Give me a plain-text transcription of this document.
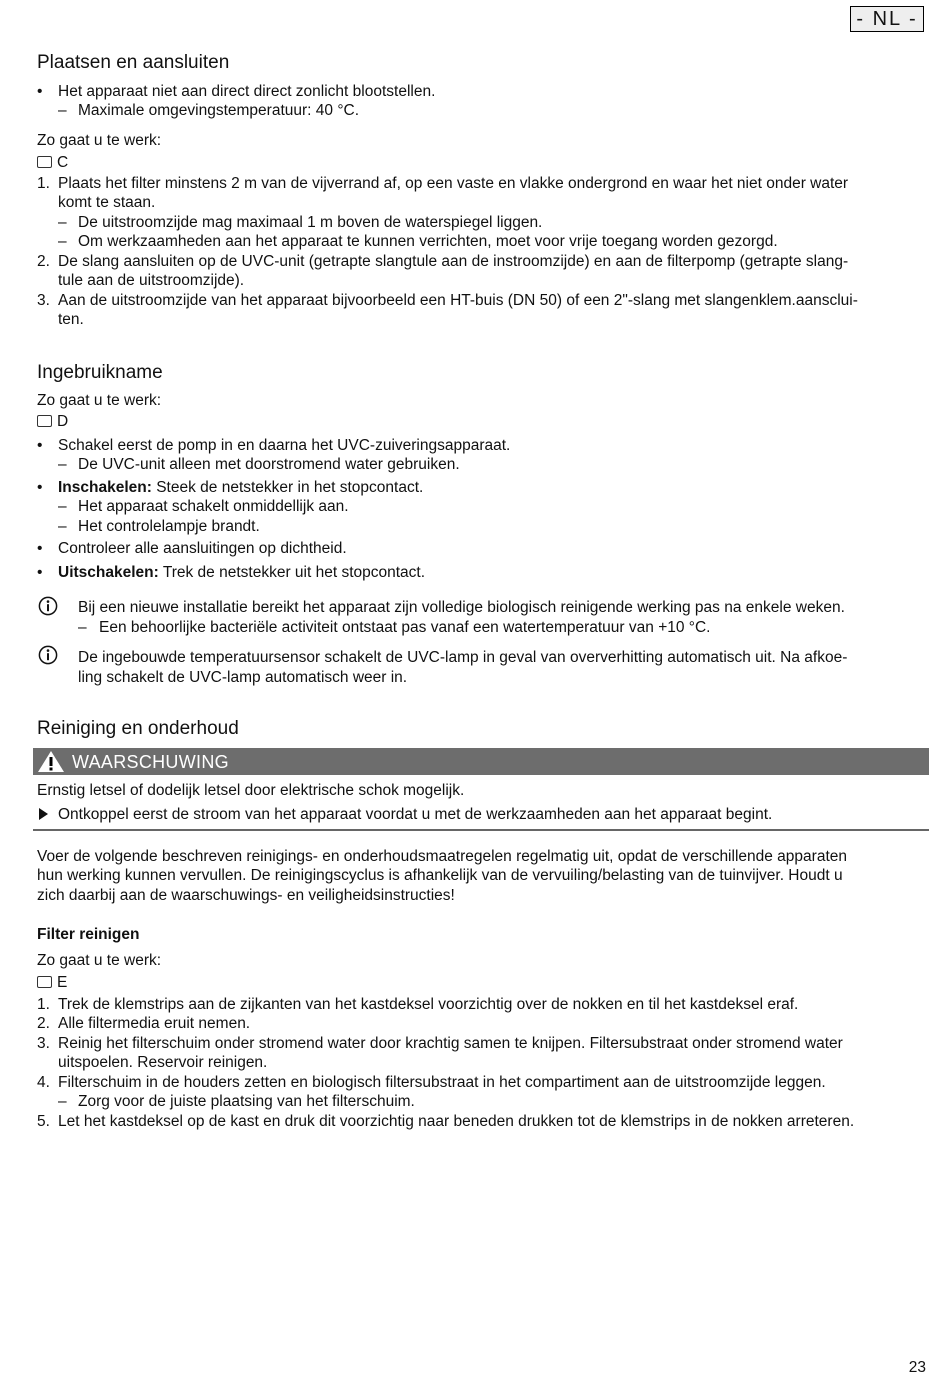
- NL -
Plaatsen en aansluiten
•	Het apparaat niet aan direct direct zonlicht blootstellen.
– Maximale omgevingstemperatuur: 40 °C.
Zo gaat u te werk:
C
1. Plaats het filter minstens 2 m van de vijverrand af, op een vaste en vlakke ondergrond en waar het niet onder water
komt te staan.
– De uitstroomzijde mag maximaal 1 m boven de waterspiegel liggen.
– Om werkzaamheden aan het apparaat te kunnen verrichten, moet voor vrije toegang worden gezorgd.
2. De slang aansluiten op de UVC-unit (getrapte slangtule aan de instroomzijde) en aan de filterpomp (getrapte slang-
tule aan de uitstroomzijde).
3. Aan de uitstroomzijde van het apparaat bijvoorbeeld een HT-buis (DN 50) of een 2"-slang met slangenklem.aansclui-
ten.
Ingebruikname
Zo gaat u te werk:
D
•	Schakel eerst de pomp in en daarna het UVC-zuiveringsapparaat.
– De UVC-unit alleen met doorstromend water gebruiken.
•	Inschakelen: Steek de netstekker in het stopcontact.
– Het apparaat schakelt onmiddellijk aan.
– Het controlelampje brandt.
•	Controleer alle aansluitingen op dichtheid.
•	Uitschakelen: Trek de netstekker uit het stopcontact.
Bij een nieuwe installatie bereikt het apparaat zijn volledige biologisch reinigende werking pas na enkele weken.
– Een behoorlijke bacteriële activiteit ontstaat pas vanaf een watertemperatuur van +10 °C.
De ingebouwde temperatuursensor schakelt de UVC-lamp in geval van oververhitting automatisch uit. Na afkoe-
ling schakelt de UVC-lamp automatisch weer in.
Reiniging en onderhoud
WAARSCHUWING
Ernstig letsel of dodelijk letsel door elektrische schok mogelijk.
Ontkoppel eerst de stroom van het apparaat voordat u met de werkzaamheden aan het apparaat begint.
Voer de volgende beschreven reinigings- en onderhoudsmaatregelen regelmatig uit, opdat de verschillende apparaten
hun werking kunnen vervullen. De reinigingscyclus is afhankelijk van de vervuiling/belasting van de tuinvijver. Houdt u
zich daarbij aan de waarschuwings- en veiligheidsinstructies!
Filter reinigen
Zo gaat u te werk:
E
1. Trek de klemstrips aan de zijkanten van het kastdeksel voorzichtig over de nokken en til het kastdeksel eraf.
2. Alle filtermedia eruit nemen.
3. Reinig het filterschuim onder stromend water door krachtig samen te knijpen. Filtersubstraat onder stromend water
uitspoelen. Reservoir reinigen.
4. Filterschuim in de houders zetten en biologisch filtersubstraat in het compartiment aan de uitstroomzijde leggen.
– Zorg voor de juiste plaatsing van het filterschuim.
5. Let het kastdeksel op de kast en druk dit voorzichtig naar beneden drukken tot de klemstrips in de nokken arreteren.
23
